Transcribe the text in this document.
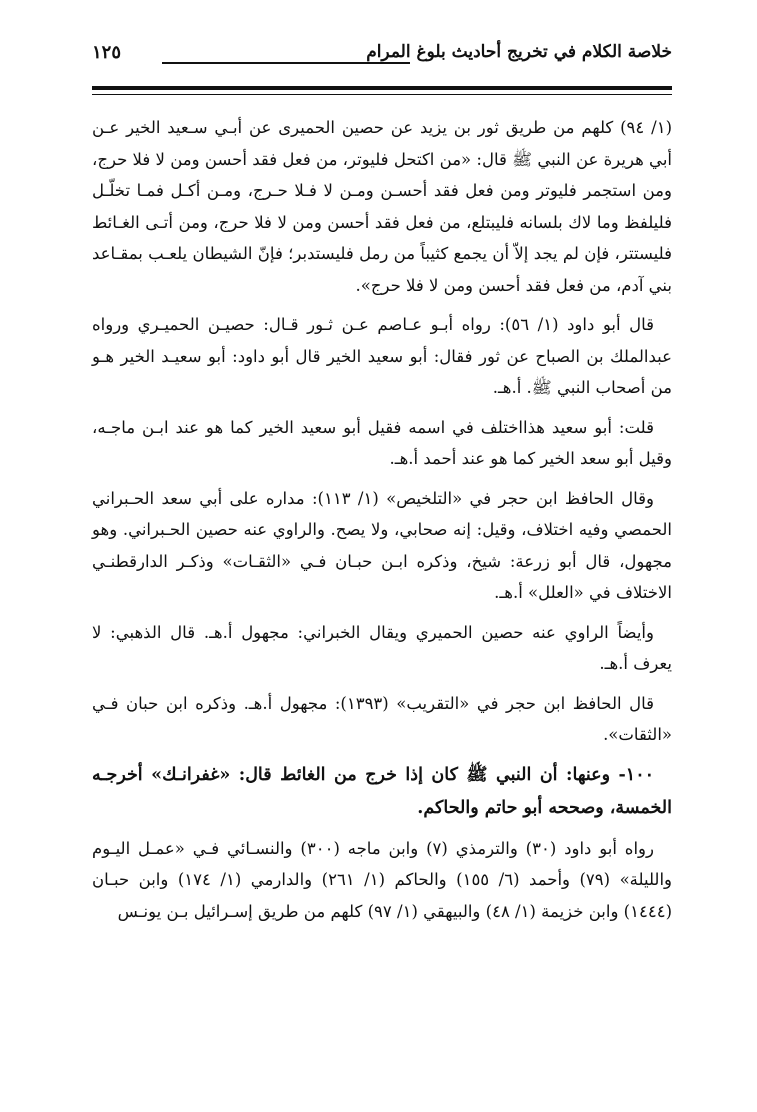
خلاصة الكلام في تخريج أحاديث بلوغ المرام
١٢٥

(١/ ٩٤) كلهم من طريق ثور بن يزيد عن حصين الحميرى عن أبـي سـعيد الخير عـن أبي هريرة عن النبي ﷺ قال: «من اكتحل فليوتر، من فعل فقد أحسن ومن لا فلا حرج، ومن استجمر فليوتر ومن فعل فقد أحسـن ومـن لا فـلا حـرج، ومـن أكـل فمـا تخلّـل فليلفظ وما لاك بلسانه فليبتلع، من فعل فقد أحسن ومن لا فلا حرج، ومن أتـى الغـائط فليستتر، فإن لم يجد إلاّ أن يجمع كثيباً من رمل فليستدبر؛ فإنّ الشيطان يلعـب بمقـاعد بني آدم، من فعل فقد أحسن ومن لا فلا حرج».

قال أبو داود (١/ ٥٦): رواه أبـو عـاصم عـن ثـور قـال: حصيـن الحميـري ورواه عبدالملك بن الصباح عن ثور فقال: أبو سعيد الخير قال أبو داود: أبو سعيـد الخير هـو من أصحاب النبي ﷺ. أ.هـ.

قلت: أبو سعيد هذااختلف في اسمه فقيل أبو سعيد الخير كما هو عند ابـن ماجـه، وقيل أبو سعد الخير كما هو عند أحمد أ.هـ.

وقال الحافظ ابن حجر في «التلخيص» (١/ ١١٣): مداره على أبي سعد الحـبراني الحمصي وفيه اختلاف، وقيل: إنه صحابي، ولا يصح. والراوي عنه حصين الحـبراني. وهو مجهول، قال أبو زرعة: شيخ، وذكره ابـن حبـان فـي «الثقـات» وذكـر الدارقطنـي الاختلاف في «العلل» أ.هـ.

وأيضاً الراوي عنه حصين الحميري ويقال الخبراني: مجهول أ.هـ. قال الذهبي: لا يعرف أ.هـ.

قال الحافظ ابن حجر في «التقريب» (١٣٩٣): مجهول أ.هـ. وذكره ابن حبان فـي «الثقات».

١٠٠- وعنها: أن النبي ﷺ كان إذا خرج من الغائط قال: «غفرانـك» أخرجـه الخمسة، وصححه أبو حاتم والحاكم.

رواه أبو داود (٣٠) والترمذي (٧) وابن ماجه (٣٠٠) والنسـائي فـي «عمـل اليـوم والليلة» (٧٩) وأحمد (٦/ ١٥٥) والحاكم (١/ ٢٦١) والدارمي (١/ ١٧٤) وابن حبـان (١٤٤٤) وابن خزيمة (١/ ٤٨) والبيهقي (١/ ٩٧) كلهم من طريق إسـرائيل بـن يونـس
